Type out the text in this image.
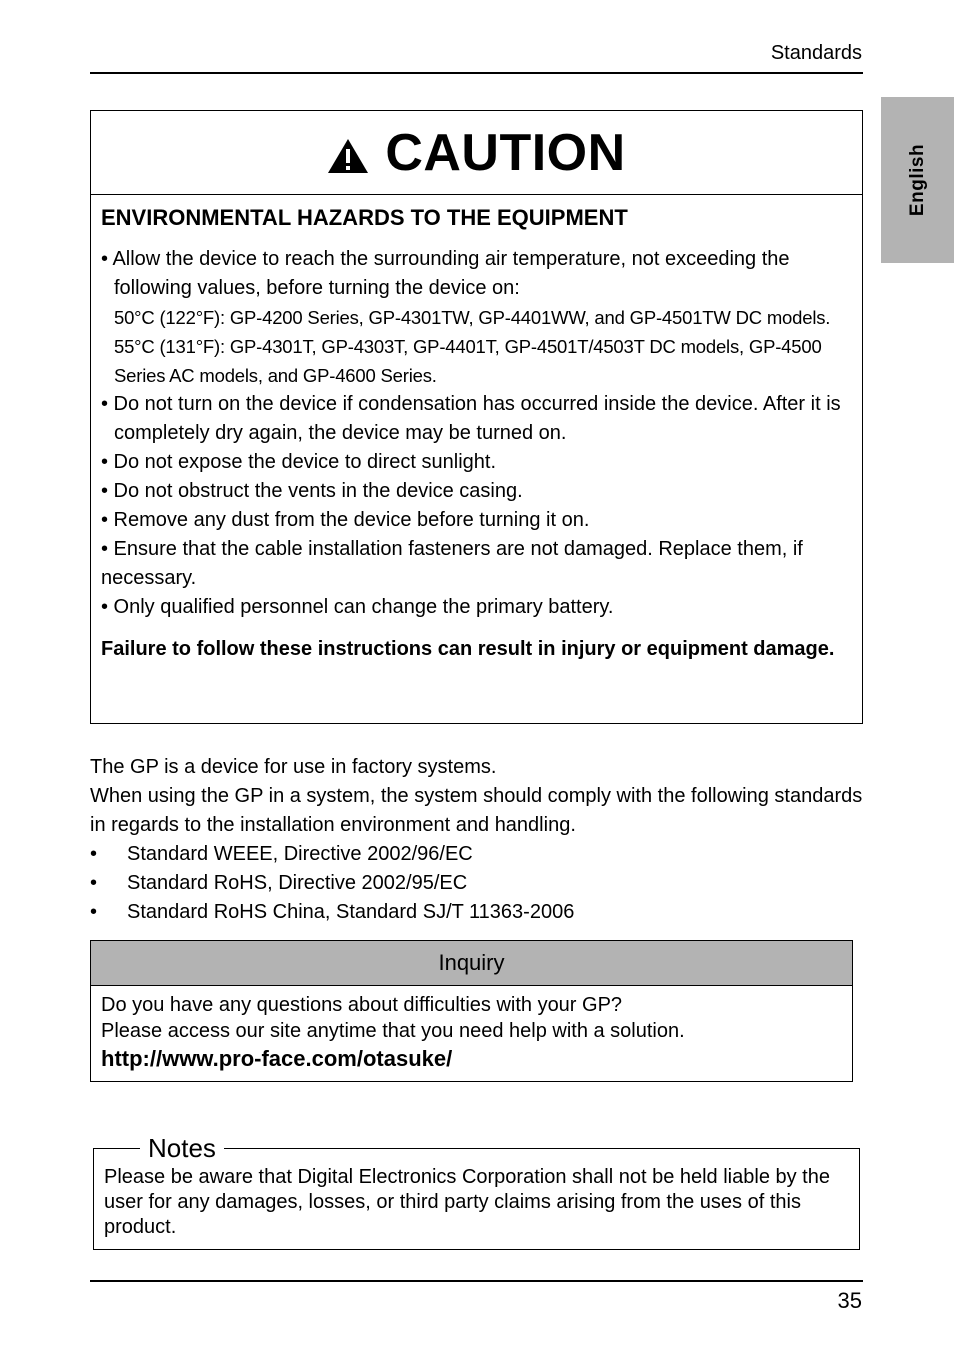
Standards
English
CAUTION
ENVIRONMENTAL HAZARDS TO THE EQUIPMENT
• Allow the device to reach the surrounding air temperature, not exceeding the following values, before turning the device on:
50°C (122°F): GP-4200 Series, GP-4301TW, GP-4401WW, and GP-4501TW DC models.
55°C (131°F): GP-4301T, GP-4303T, GP-4401T, GP-4501T/4503T DC models, GP-4500 Series AC models, and GP-4600 Series.
• Do not turn on the device if condensation has occurred inside the device. After it is completely dry again, the device may be turned on.
• Do not expose the device to direct sunlight.
• Do not obstruct the vents in the device casing.
• Remove any dust from the device before turning it on.
• Ensure that the cable installation fasteners are not damaged. Replace them, if necessary.
• Only qualified personnel can change the primary battery.
Failure to follow these instructions can result in injury or equipment damage.
The GP is a device for use in factory systems.
When using the GP in a system, the system should comply with the following standards in regards to the installation environment and handling.
• Standard WEEE, Directive 2002/96/EC
• Standard RoHS, Directive 2002/95/EC
• Standard RoHS China, Standard SJ/T 11363-2006
Inquiry
Do you have any questions about difficulties with your GP?
Please access our site anytime that you need help with a solution.
http://www.pro-face.com/otasuke/
Notes
Please be aware that Digital Electronics Corporation shall not be held liable by the user for any damages, losses, or third party claims arising from the uses of this product.
35
